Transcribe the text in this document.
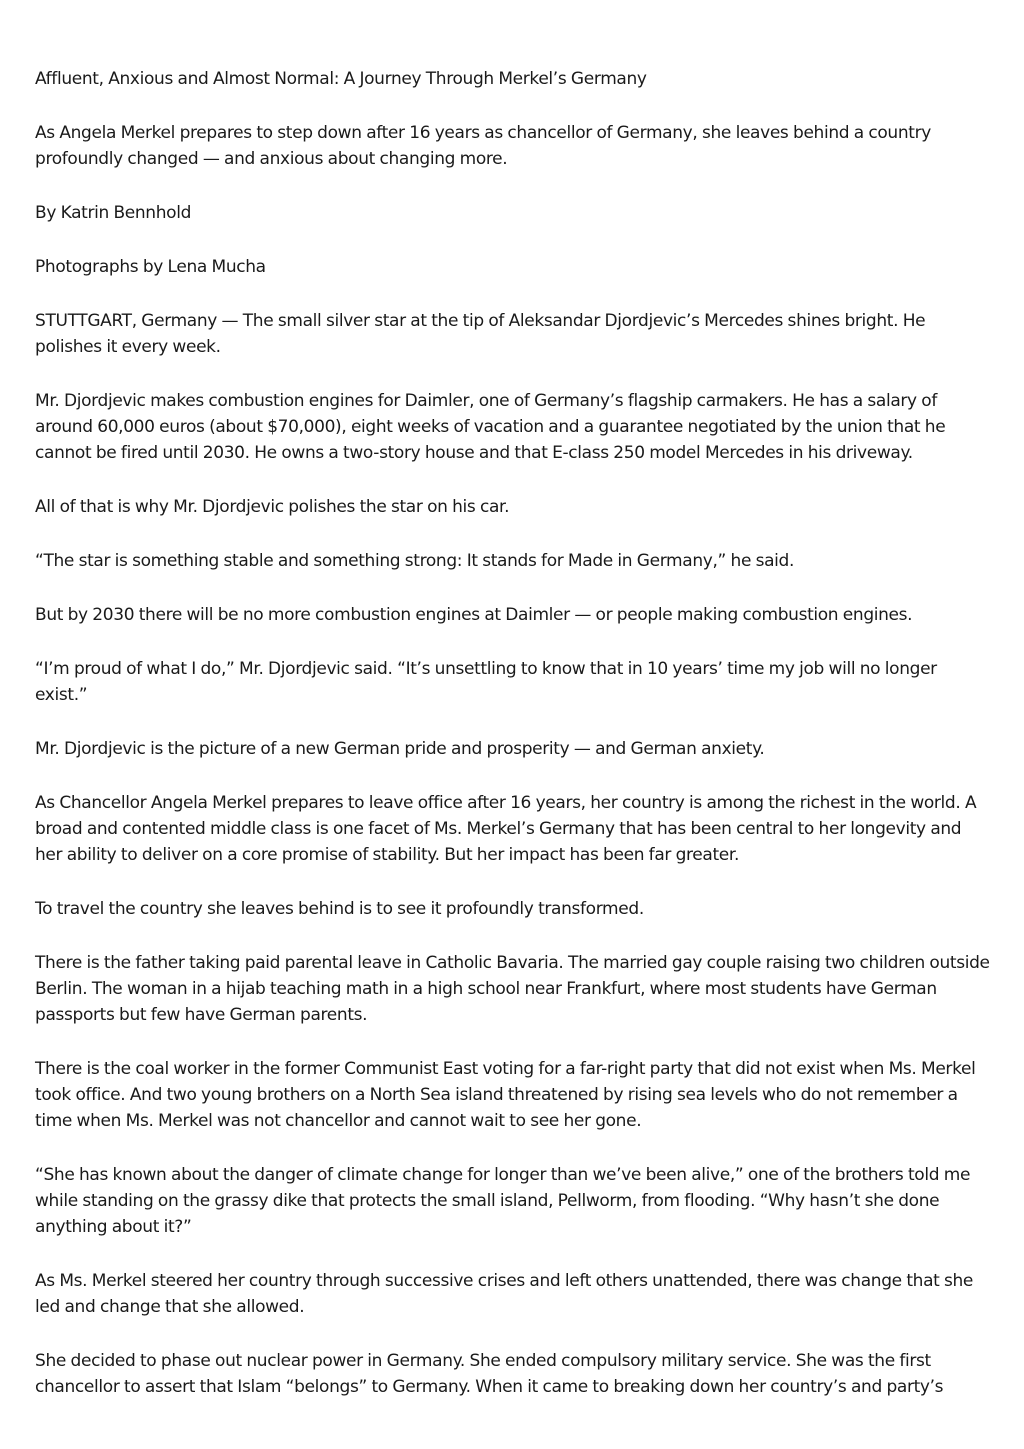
Affluent, Anxious and Almost Normal: A Journey Through Merkel’s Germany

As Angela Merkel prepares to step down after 16 years as chancellor of Germany, she leaves behind a country profoundly changed — and anxious about changing more.

By Katrin Bennhold

Photographs by Lena Mucha

STUTTGART, Germany — The small silver star at the tip of Aleksandar Djordjevic’s Mercedes shines bright. He polishes it every week.

Mr. Djordjevic makes combustion engines for Daimler, one of Germany’s flagship carmakers. He has a salary of around 60,000 euros (about $70,000), eight weeks of vacation and a guarantee negotiated by the union that he cannot be fired until 2030. He owns a two-story house and that E-class 250 model Mercedes in his driveway.

All of that is why Mr. Djordjevic polishes the star on his car.

“The star is something stable and something strong: It stands for Made in Germany,” he said.

But by 2030 there will be no more combustion engines at Daimler — or people making combustion engines.

“I’m proud of what I do,” Mr. Djordjevic said. “It’s unsettling to know that in 10 years’ time my job will no longer exist.”

Mr. Djordjevic is the picture of a new German pride and prosperity — and German anxiety.

As Chancellor Angela Merkel prepares to leave office after 16 years, her country is among the richest in the world. A broad and contented middle class is one facet of Ms. Merkel’s Germany that has been central to her longevity and her ability to deliver on a core promise of stability. But her impact has been far greater.

To travel the country she leaves behind is to see it profoundly transformed.

There is the father taking paid parental leave in Catholic Bavaria. The married gay couple raising two children outside Berlin. The woman in a hijab teaching math in a high school near Frankfurt, where most students have German passports but few have German parents.

There is the coal worker in the former Communist East voting for a far-right party that did not exist when Ms. Merkel took office. And two young brothers on a North Sea island threatened by rising sea levels who do not remember a time when Ms. Merkel was not chancellor and cannot wait to see her gone.

“She has known about the danger of climate change for longer than we’ve been alive,” one of the brothers told me while standing on the grassy dike that protects the small island, Pellworm, from flooding. “Why hasn’t she done anything about it?”

As Ms. Merkel steered her country through successive crises and left others unattended, there was change that she led and change that she allowed.

She decided to phase out nuclear power in Germany. She ended compulsory military service. She was the first chancellor to assert that Islam “belongs” to Germany. When it came to breaking down her country’s and party’s
